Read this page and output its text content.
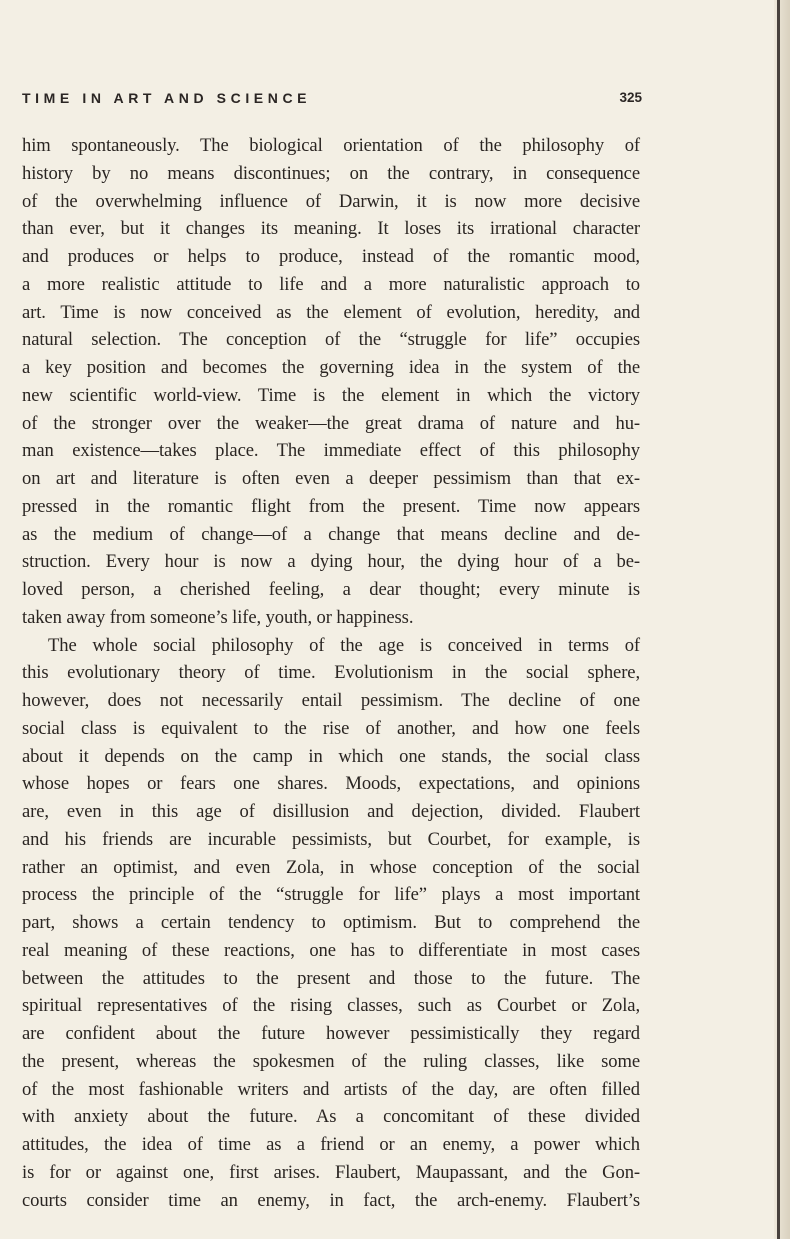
TIME IN ART AND SCIENCE	325

him spontaneously. The biological orientation of the philosophy of
history by no means discontinues; on the contrary, in consequence
of the overwhelming influence of Darwin, it is now more decisive
than ever, but it changes its meaning. It loses its irrational character
and produces or helps to produce, instead of the romantic mood,
a more realistic attitude to life and a more naturalistic approach to
art. Time is now conceived as the element of evolution, heredity, and
natural selection. The conception of the “struggle for life” occupies
a key position and becomes the governing idea in the system of the
new scientific world-view. Time is the element in which the victory
of the stronger over the weaker—the great drama of nature and hu-
man existence—takes place. The immediate effect of this philosophy
on art and literature is often even a deeper pessimism than that ex-
pressed in the romantic flight from the present. Time now appears
as the medium of change—of a change that means decline and de-
struction. Every hour is now a dying hour, the dying hour of a be-
loved person, a cherished feeling, a dear thought; every minute is
taken away from someone’s life, youth, or happiness.

The whole social philosophy of the age is conceived in terms of
this evolutionary theory of time. Evolutionism in the social sphere,
however, does not necessarily entail pessimism. The decline of one
social class is equivalent to the rise of another, and how one feels
about it depends on the camp in which one stands, the social class
whose hopes or fears one shares. Moods, expectations, and opinions
are, even in this age of disillusion and dejection, divided. Flaubert
and his friends are incurable pessimists, but Courbet, for example, is
rather an optimist, and even Zola, in whose conception of the social
process the principle of the “struggle for life” plays a most important
part, shows a certain tendency to optimism. But to comprehend the
real meaning of these reactions, one has to differentiate in most cases
between the attitudes to the present and those to the future. The
spiritual representatives of the rising classes, such as Courbet or Zola,
are confident about the future however pessimistically they regard
the present, whereas the spokesmen of the ruling classes, like some
of the most fashionable writers and artists of the day, are often filled
with anxiety about the future. As a concomitant of these divided
attitudes, the idea of time as a friend or an enemy, a power which
is for or against one, first arises. Flaubert, Maupassant, and the Gon-
courts consider time an enemy, in fact, the arch-enemy. Flaubert’s
